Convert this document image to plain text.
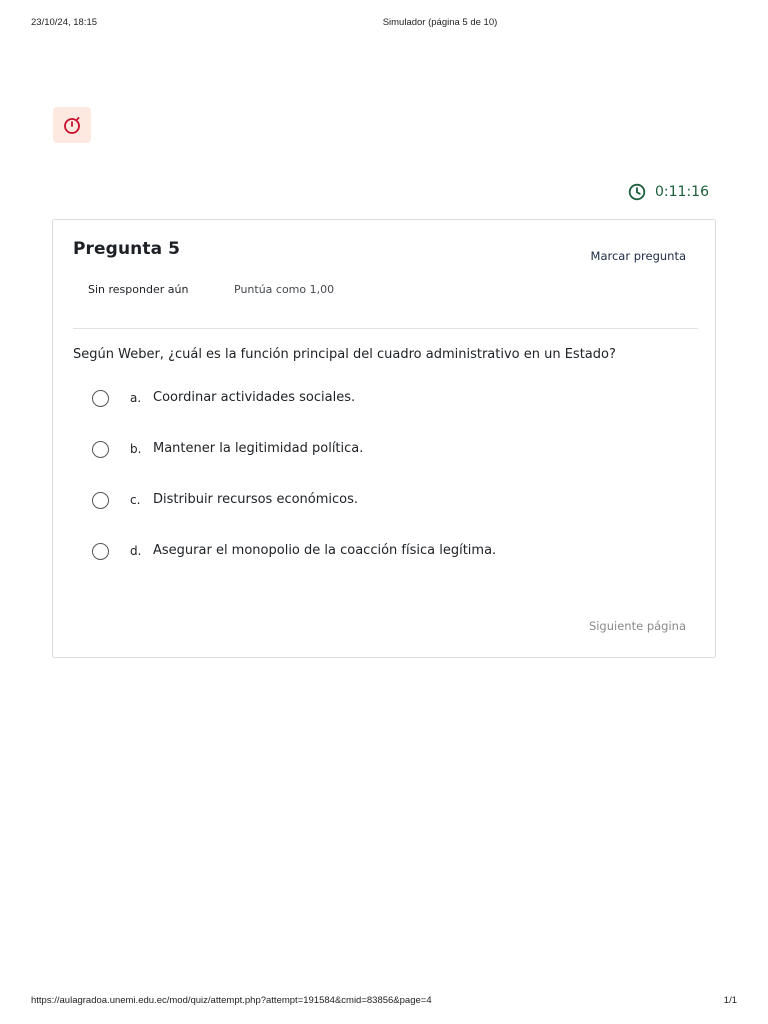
23/10/24, 18:15	Simulador (página 5 de 10)
0:11:16
Pregunta 5	Marcar pregunta
Sin responder aún	Puntúa como 1,00
Según Weber, ¿cuál es la función principal del cuadro administrativo en un Estado?
a. Coordinar actividades sociales.
b. Mantener la legitimidad política.
c. Distribuir recursos económicos.
d. Asegurar el monopolio de la coacción física legítima.
Siguiente página
https://aulagradoa.unemi.edu.ec/mod/quiz/attempt.php?attempt=191584&cmid=83856&page=4	1/1
